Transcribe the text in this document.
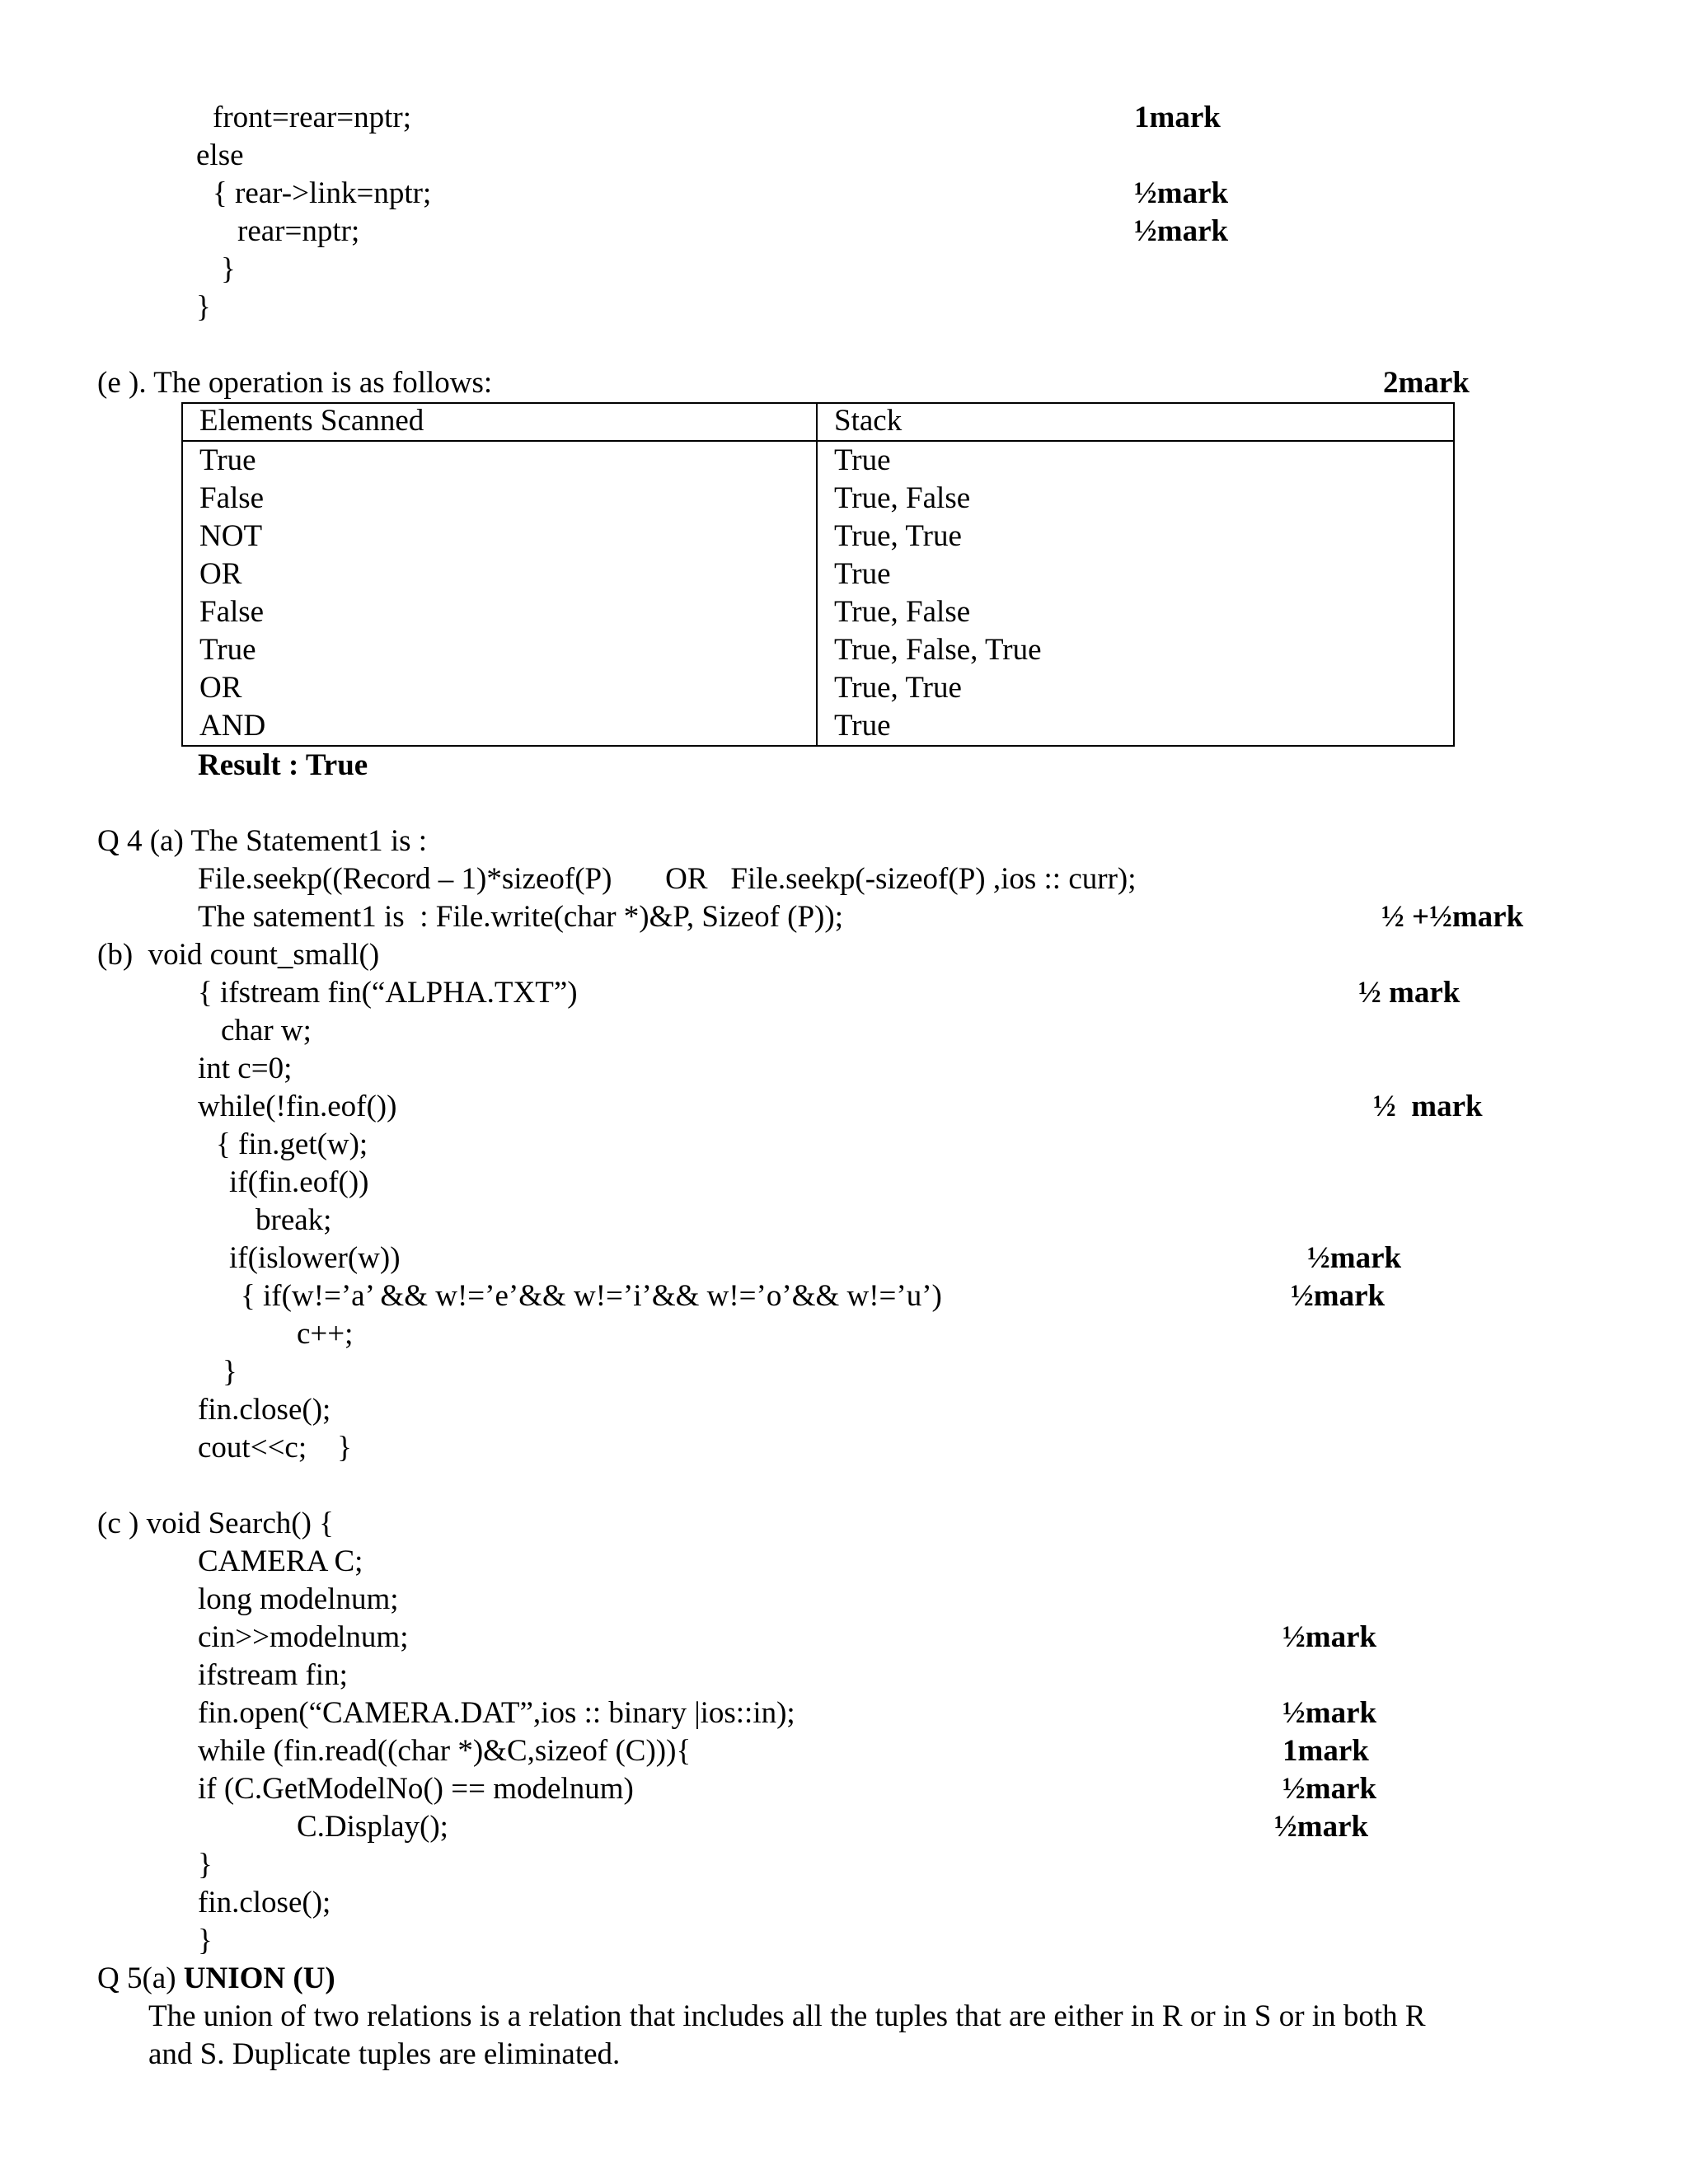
front=rear=nptr;
else
{ rear->link=nptr;
rear=nptr;
}
}
1mark
½mark
½mark
(e ). The operation is as follows:	2mark
Elements Scanned	Stack
True	True
False	True, False
NOT	True, True
OR	True
False	True, False
True	True, False, True
OR	True, True
AND	True
Result : True
Q 4 (a) The Statement1 is :
File.seekp((Record – 1)*sizeof(P)       OR   File.seekp(-sizeof(P) ,ios :: curr);
The satement1 is  : File.write(char *)&P, Sizeof (P));	½ +½mark
(b)  void count_small()
{ ifstream fin(“ALPHA.TXT”)
char w;
int c=0;
while(!fin.eof())
{ fin.get(w);
if(fin.eof())
break;
if(islower(w))
{ if(w!=’a’ && w!=’e’&& w!=’i’&& w!=’o’&& w!=’u’)
c++;
}
fin.close();
cout<<c;    }
½ mark
½  mark
½mark
½mark
(c ) void Search() {
CAMERA C;
long modelnum;
cin>>modelnum;
ifstream fin;
fin.open(“CAMERA.DAT”,ios :: binary |ios::in);
while (fin.read((char *)&C,sizeof (C))){
if (C.GetModelNo() == modelnum)
C.Display();
}
fin.close();
}
½mark
½mark
1mark
½mark
½mark
Q 5(a) UNION (U)
The union of two relations is a relation that includes all the tuples that are either in R or in S or in both R
and S. Duplicate tuples are eliminated.
